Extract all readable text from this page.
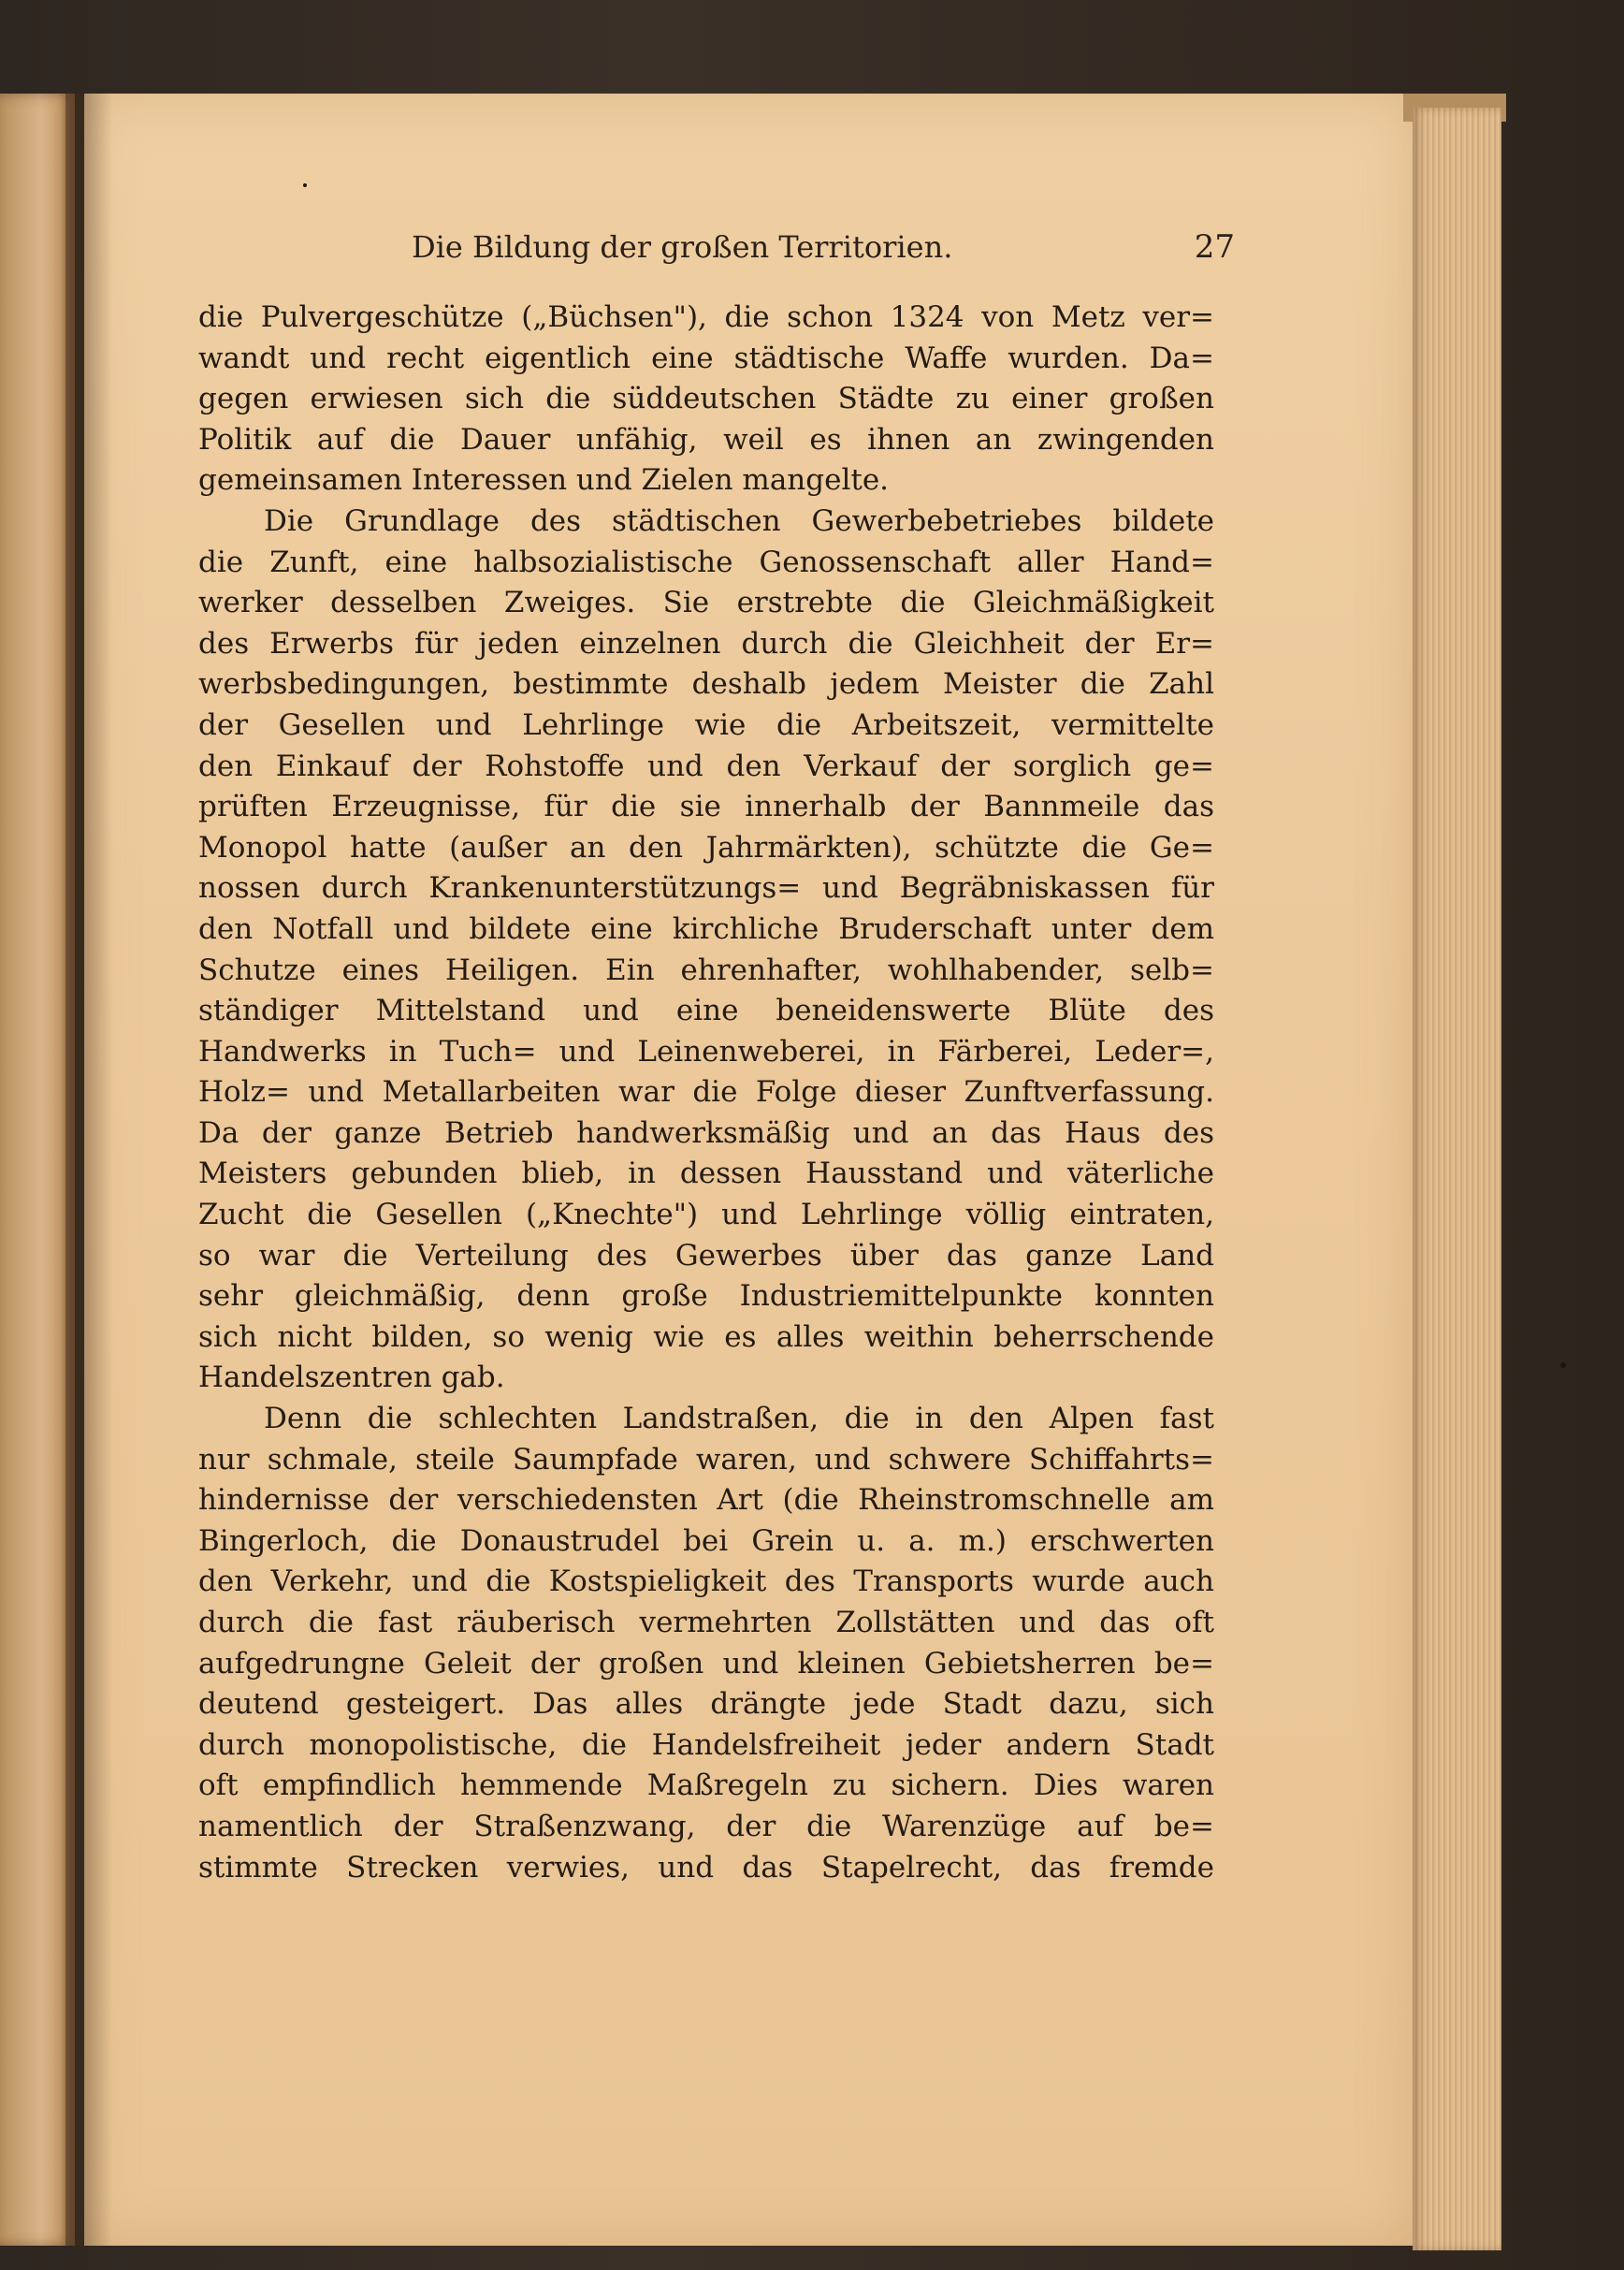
Die Bildung der großen Territorien.	27
die Pulvergeschütze („Büchsen"), die schon 1324 von Metz ver=
wandt und recht eigentlich eine städtische Waffe wurden. Da=
gegen erwiesen sich die süddeutschen Städte zu einer großen
Politik auf die Dauer unfähig, weil es ihnen an zwingenden
gemeinsamen Interessen und Zielen mangelte.
Die Grundlage des städtischen Gewerbebetriebes bildete
die Zunft, eine halbsozialistische Genossenschaft aller Hand=
werker desselben Zweiges. Sie erstrebte die Gleichmäßigkeit
des Erwerbs für jeden einzelnen durch die Gleichheit der Er=
werbsbedingungen, bestimmte deshalb jedem Meister die Zahl
der Gesellen und Lehrlinge wie die Arbeitszeit, vermittelte
den Einkauf der Rohstoffe und den Verkauf der sorglich ge=
prüften Erzeugnisse, für die sie innerhalb der Bannmeile das
Monopol hatte (außer an den Jahrmärkten), schützte die Ge=
nossen durch Krankenunterstützungs= und Begräbniskassen für
den Notfall und bildete eine kirchliche Bruderschaft unter dem
Schutze eines Heiligen. Ein ehrenhafter, wohlhabender, selb=
ständiger Mittelstand und eine beneidenswerte Blüte des
Handwerks in Tuch= und Leinenweberei, in Färberei, Leder=,
Holz= und Metallarbeiten war die Folge dieser Zunftverfassung.
Da der ganze Betrieb handwerksmäßig und an das Haus des
Meisters gebunden blieb, in dessen Hausstand und väterliche
Zucht die Gesellen („Knechte") und Lehrlinge völlig eintraten,
so war die Verteilung des Gewerbes über das ganze Land
sehr gleichmäßig, denn große Industriemittelpunkte konnten
sich nicht bilden, so wenig wie es alles weithin beherrschende
Handelszentren gab.
Denn die schlechten Landstraßen, die in den Alpen fast
nur schmale, steile Saumpfade waren, und schwere Schiffahrts=
hindernisse der verschiedensten Art (die Rheinstromschnelle am
Bingerloch, die Donaustrudel bei Grein u. a. m.) erschwerten
den Verkehr, und die Kostspieligkeit des Transports wurde auch
durch die fast räuberisch vermehrten Zollstätten und das oft
aufgedrungne Geleit der großen und kleinen Gebietsherren be=
deutend gesteigert. Das alles drängte jede Stadt dazu, sich
durch monopolistische, die Handelsfreiheit jeder andern Stadt
oft empfindlich hemmende Maßregeln zu sichern. Dies waren
namentlich der Straßenzwang, der die Warenzüge auf be=
stimmte Strecken verwies, und das Stapelrecht, das fremde
